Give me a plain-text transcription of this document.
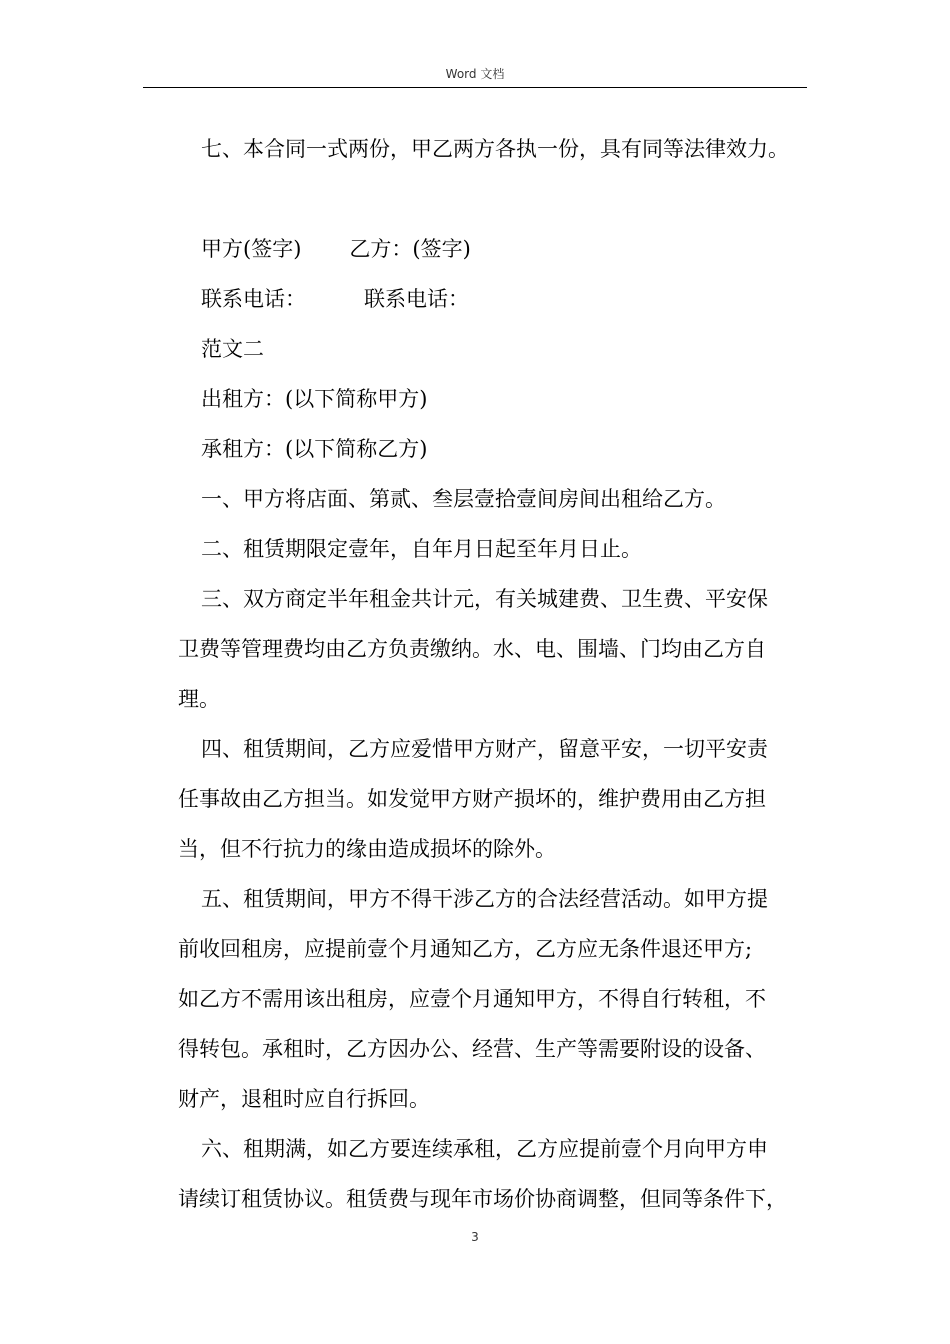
Word 文档
七、本合同一式两份，甲乙两方各执一份，具有同等法律效力。
甲方(签字) 乙方：(签字)
联系电话：	联系电话：
范文二
出租方：(以下简称甲方)
承租方：(以下简称乙方)
一、甲方将店面、第贰、叁层壹拾壹间房间出租给乙方。
二、租赁期限定壹年，自年月日起至年月日止。
三、双方商定半年租金共计元，有关城建费、卫生费、平安保
卫费等管理费均由乙方负责缴纳。水、电、围墙、门均由乙方自
理。
四、租赁期间，乙方应爱惜甲方财产，留意平安，一切平安责
任事故由乙方担当。如发觉甲方财产损坏的，维护费用由乙方担
当，但不行抗力的缘由造成损坏的除外。
五、租赁期间，甲方不得干涉乙方的合法经营活动。如甲方提
前收回租房，应提前壹个月通知乙方，乙方应无条件退还甲方;
如乙方不需用该出租房，应壹个月通知甲方，不得自行转租，不
得转包。承租时，乙方因办公、经营、生产等需要附设的设备、
财产，退租时应自行拆回。
六、租期满，如乙方要连续承租，乙方应提前壹个月向甲方申
请续订租赁协议。租赁费与现年市场价协商调整，但同等条件下，
3
